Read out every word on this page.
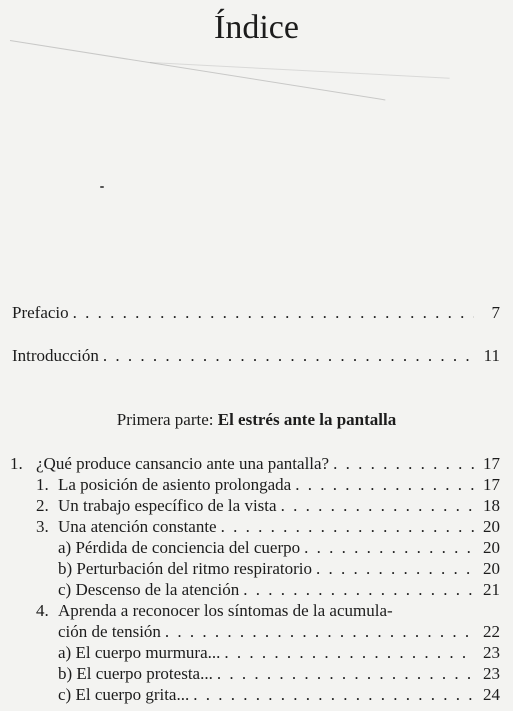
Índice
Prefacio . . .	7
Introducción . . .	11
Primera parte: El estrés ante la pantalla
1. ¿Qué produce cansancio ante una pantalla? . . .	17
1. La posición de asiento prolongada . . .	17
2. Un trabajo específico de la vista . . .	18
3. Una atención constante . . .	20
a) Pérdida de conciencia del cuerpo . . .	20
b) Perturbación del ritmo respiratorio . . .	20
c) Descenso de la atención . . .	21
4. Aprenda a reconocer los síntomas de la acumula-
ción de tensión . . .	22
a) El cuerpo murmura... . . .	23
b) El cuerpo protesta... . . .	23
c) El cuerpo grita... . . .	24
